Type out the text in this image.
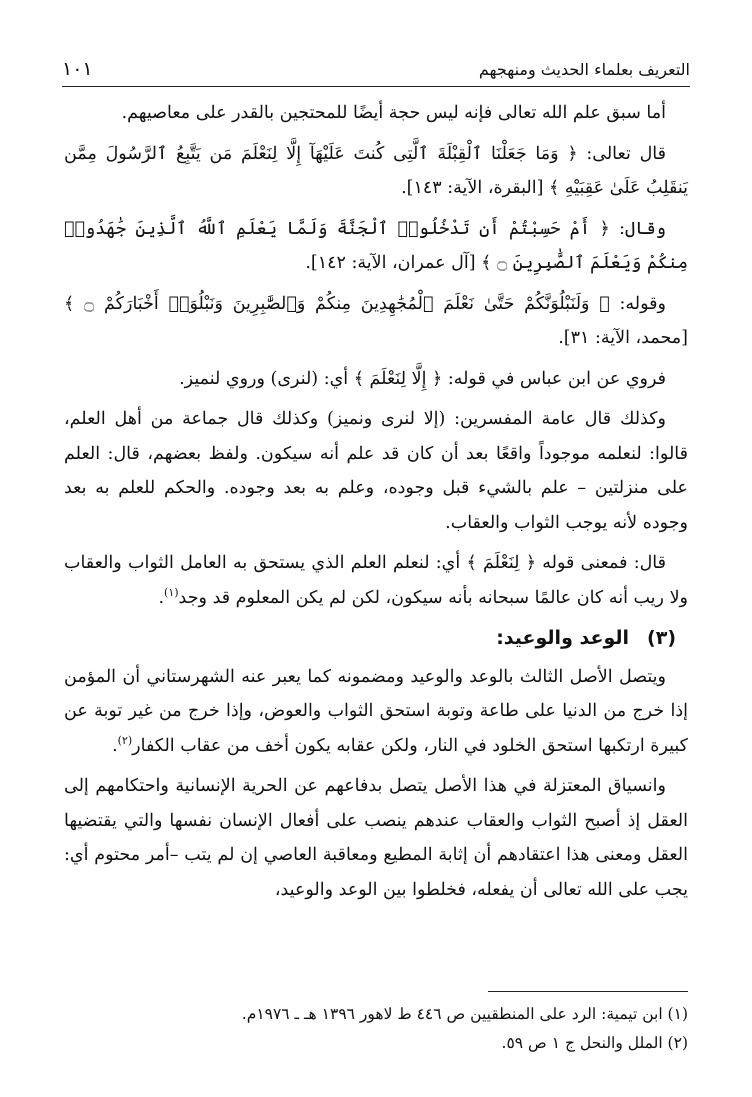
التعريف بعلماء الحديث ومنهجهم
١٠١

أما سبق علم الله تعالى فإنه ليس حجة أيضًا للمحتجين بالقدر على معاصيهم.

قال تعالى: ﴿ وَمَا جَعَلْنَا ٱلْقِبْلَةَ ٱلَّتِى كُنتَ عَلَيْهَآ إِلَّا لِنَعْلَمَ مَن يَتَّبِعُ ٱلرَّسُولَ مِمَّن يَنقَلِبُ عَلَىٰ عَقِبَيْهِ ﴾ [البقرة، الآية: ١٤٣].

وقال: ﴿ أَمْ حَسِبْتُمْ أَن تَدْخُلُوا۟ ٱلْجَنَّةَ وَلَمَّا يَعْلَمِ ٱللَّهُ ٱلَّذِينَ جَٰهَدُوا۟ مِنكُمْ وَيَعْلَمَ ٱلصَّٰبِرِينَ ۝ ﴾ [آل عمران، الآية: ١٤٢].

وقوله: ﴿ وَلَنَبْلُوَنَّكُمْ حَتَّىٰ نَعْلَمَ ٱلْمُجَٰهِدِينَ مِنكُمْ وَٱلصَّٰبِرِينَ وَنَبْلُوَا۟ أَخْبَارَكُمْ ۝ ﴾ [محمد، الآية: ٣١].

فروي عن ابن عباس في قوله: ﴿ إِلَّا لِنَعْلَمَ ﴾ أي: (لنرى) وروي لنميز.

وكذلك قال عامة المفسرين: (إلا لنرى ونميز) وكذلك قال جماعة من أهل العلم، قالوا: لنعلمه موجوداً واقعًا بعد أن كان قد علم أنه سيكون. ولفظ بعضهم، قال: العلم على منزلتين – علم بالشيء قبل وجوده، وعلم به بعد وجوده. والحكم للعلم به بعد وجوده لأنه يوجب الثواب والعقاب.

قال: فمعنى قوله ﴿ لِنَعْلَمَ ﴾ أي: لنعلم العلم الذي يستحق به العامل الثواب والعقاب ولا ريب أنه كان عالمًا سبحانه بأنه سيكون، لكن لم يكن المعلوم قد وجد$^{(١)}$.

(٣)
الوعد والوعيد:

ويتصل الأصل الثالث بالوعد والوعيد ومضمونه كما يعبر عنه الشهرستاني أن المؤمن إذا خرج من الدنيا على طاعة وتوبة استحق الثواب والعوض، وإذا خرج من غير توبة عن كبيرة ارتكبها استحق الخلود في النار، ولكن عقابه يكون أخف من عقاب الكفار$^{(٢)}$.

وانسياق المعتزلة في هذا الأصل يتصل بدفاعهم عن الحرية الإنسانية واحتكامهم إلى العقل إذ أصبح الثواب والعقاب عندهم ينصب على أفعال الإنسان نفسها والتي يقتضيها العقل ومعنى هذا اعتقادهم أن إثابة المطيع ومعاقبة العاصي إن لم يتب –أمر محتوم أي: يجب على الله تعالى أن يفعله، فخلطوا بين الوعد والوعيد،

(١) ابن تيمية: الرد على المنطقيين ص ٤٤٦ ط لاهور ١٣٩٦ هـ ـ ١٩٧٦م.

(٢) الملل والنحل ج ١ ص ٥٩.
